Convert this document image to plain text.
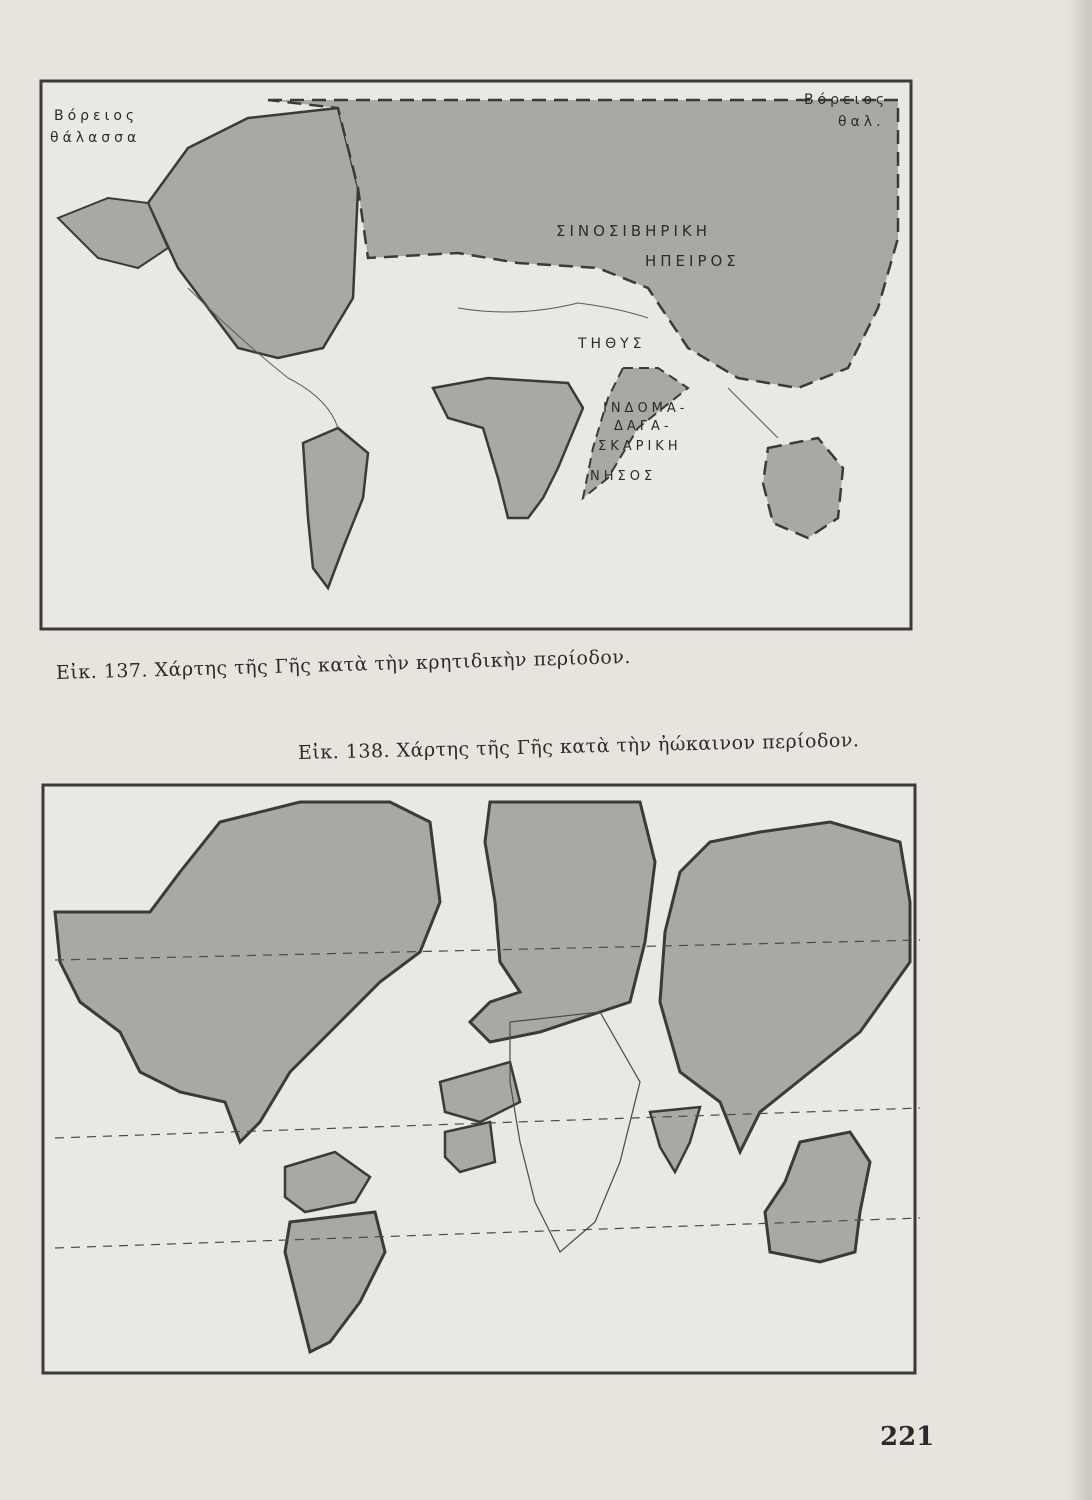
Βόρειος
θάλασσα
Βόρειος
θαλ.
ΣΙΝΟΣΙΒΗΡΙΚΗ
ΗΠΕΙΡΟΣ
ΤΗΘΥΣ
ΙΝΔΟΜΑ-
ΔΑΓΑ-
ΣΚΑΡΙΚΗ
ΝΗΣΟΣ
Εἰκ. 137. Χάρτης τῆς Γῆς κατὰ τὴν κρητιδικὴν περίοδον.
Εἰκ. 138. Χάρτης τῆς Γῆς κατὰ τὴν ἠώκαινον περίοδον.
221
